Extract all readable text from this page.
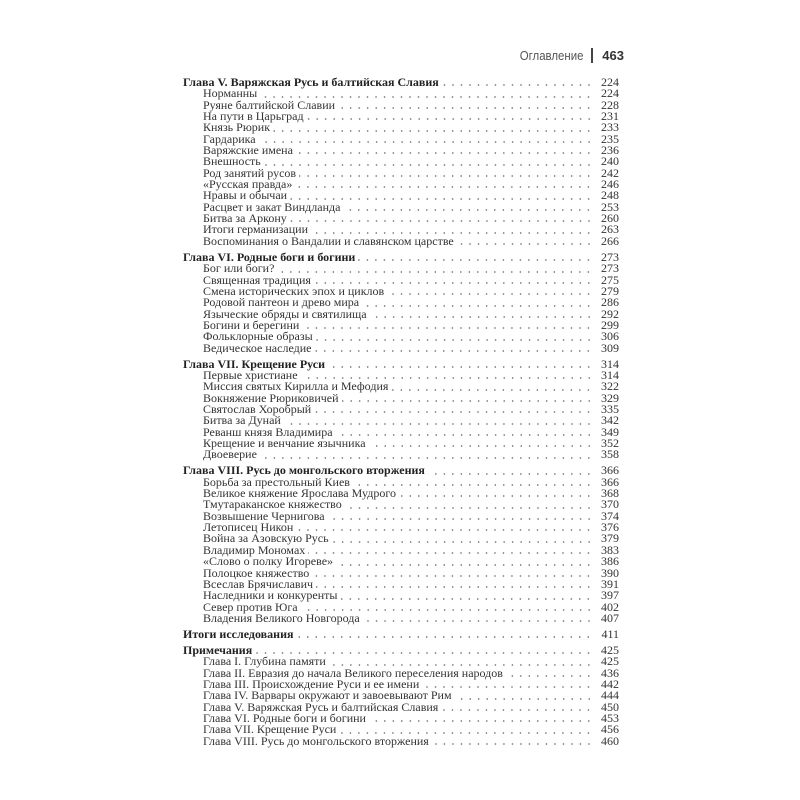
Оглавление 463
Глава V. Варяжская Русь и балтийская Славия	224
Норманны	224
Руяне балтийской Славии	228
На пути в Царьград	231
Князь Рюрик	233
Гардарика	235
Варяжские имена	236
Внешность	240
Род занятий русов	242
«Русская правда»	246
Нравы и обычаи	248
Расцвет и закат Виндланда	253
Битва за Аркону	260
Итоги германизации	263
Воспоминания о Вандалии и славянском царстве	266
Глава VI. Родные боги и богини	273
Бог или боги?	273
Священная традиция	275
Смена исторических эпох и циклов	279
Родовой пантеон и древо мира	286
Языческие обряды и святилища	292
Богини и берегини	299
Фольклорные образы	306
Ведическое наследие	309
Глава VII. Крещение Руси	314
Первые христиане	314
Миссия святых Кирилла и Мефодия	322
Вокняжение Рюриковичей	329
Святослав Хоробрый	335
Битва за Дунай	342
Реванш князя Владимира	349
Крещение и венчание язычника	352
Двоеверие	358
Глава VIII. Русь до монгольского вторжения	366
Борьба за престольный Киев	366
Великое княжение Ярослава Мудрого	368
Тмутараканское княжество	370
Возвышение Чернигова	374
Летописец Никон	376
Война за Азовскую Русь	379
Владимир Мономах	383
«Слово о полку Игореве»	386
Полоцкое княжество	390
Всеслав Брячиславич	391
Наследники и конкуренты	397
Север против Юга	402
Владения Великого Новгорода	407
Итоги исследования	411
Примечания	425
Глава I. Глубина памяти	425
Глава II. Евразия до начала Великого переселения народов	436
Глава III. Происхождение Руси и ее имени	442
Глава IV. Варвары окружают и завоевывают Рим	444
Глава V. Варяжская Русь и балтийская Славия	450
Глава VI. Родные боги и богини	453
Глава VII. Крещение Руси	456
Глава VIII. Русь до монгольского вторжения	460
